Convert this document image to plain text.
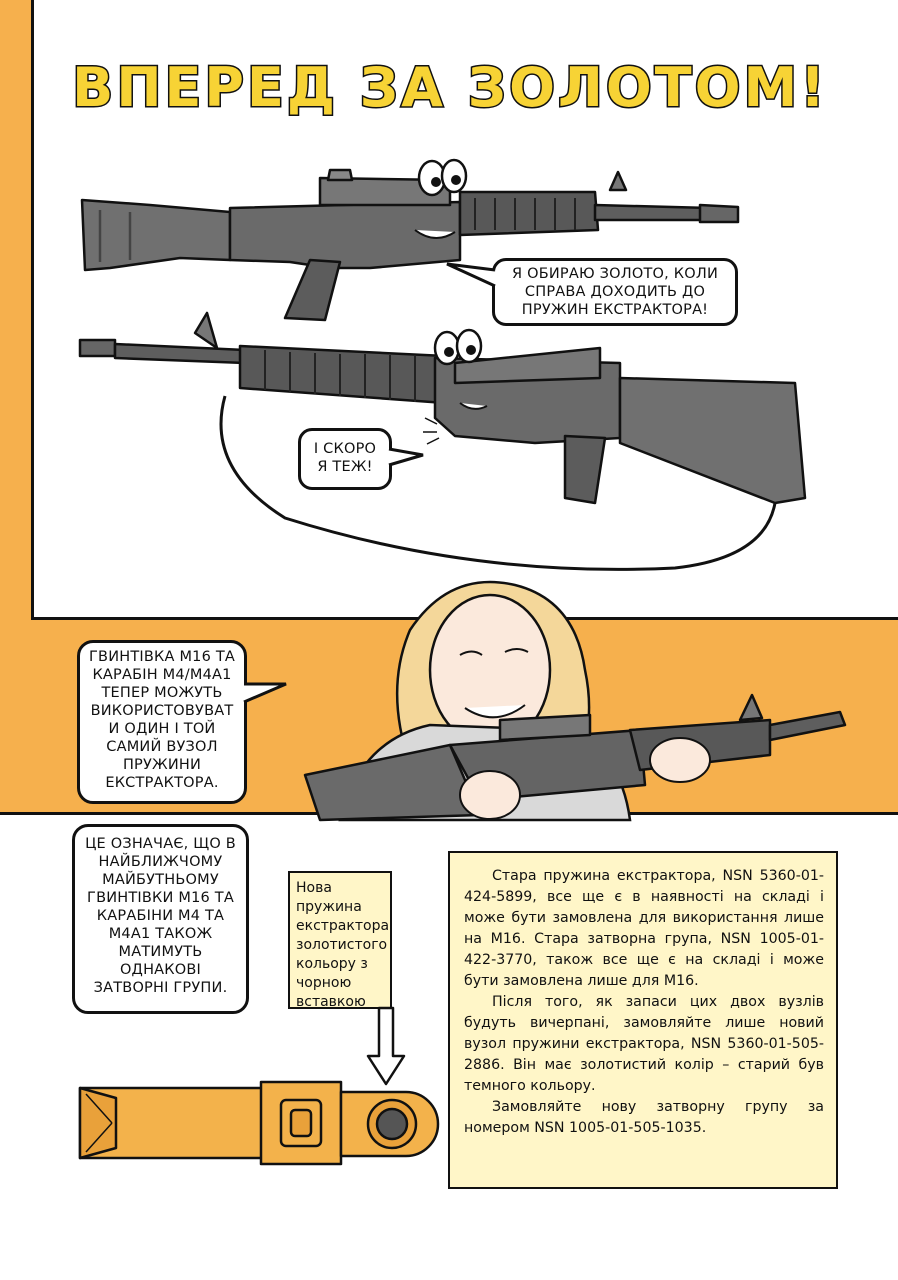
ВПЕРЕД ЗА ЗОЛОТОМ!
Я ОБИРАЮ ЗОЛОТО, КОЛИ
СПРАВА ДОХОДИТЬ ДО
ПРУЖИН ЕКСТРАКТОРА!
І СКОРО
Я ТЕЖ!
ГВИНТІВКА М16 ТА
КАРАБІН М4/М4А1
ТЕПЕР МОЖУТЬ
ВИКОРИСТОВУВАТ
И ОДИН І ТОЙ
САМИЙ ВУЗОЛ
ПРУЖИНИ
ЕКСТРАКТОРА.
ЦЕ ОЗНАЧАЄ, ЩО В
НАЙБЛИЖЧОМУ
МАЙБУТНЬОМУ
ГВИНТІВКИ М16 ТА
КАРАБІНИ М4 ТА
М4А1 ТАКОЖ
МАТИМУТЬ
ОДНАКОВІ
ЗАТВОРНІ ГРУПИ.

Нова пружина

екстрактора

золотистого

кольору з

чорною

вставкою

Стара пружина екстрактора, NSN 5360-01-424-5899, все ще є в наявності на складі і може бути замовлена для використання лише на М16. Стара затворна група, NSN 1005-01-422-3770, також все ще є на складі і може бути замовлена лише для М16.

Після того, як запаси цих двох вузлів будуть вичерпані, замовляйте лише новий вузол пружини екстрактора, NSN 5360-01-505-2886. Він має золотистий колір – старий був темного кольору.

Замовляйте нову затворну групу за номером NSN 1005-01-505-1035.
